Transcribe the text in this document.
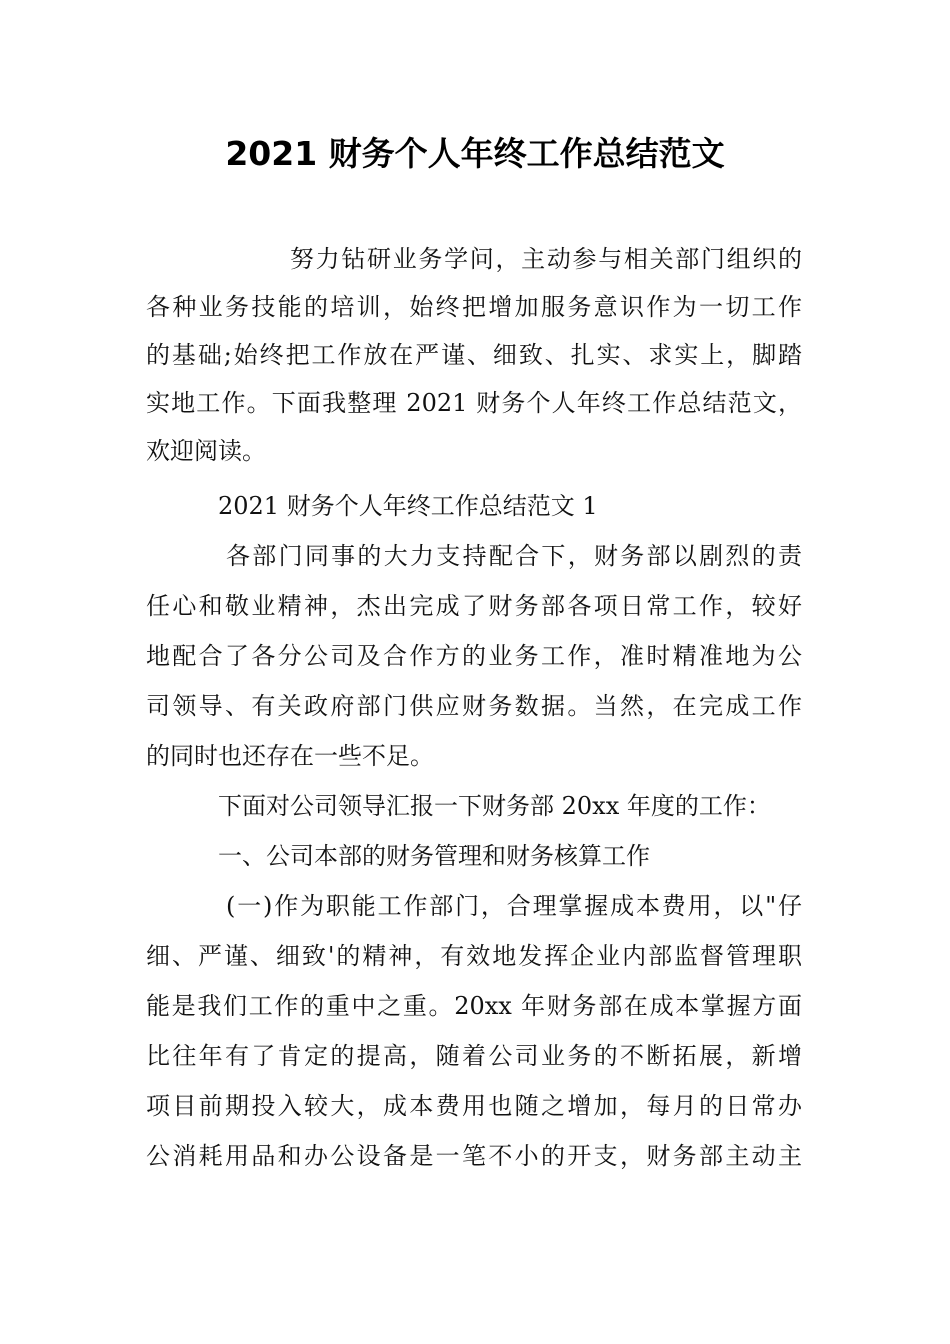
2021 财务个人年终工作总结范文
努力钻研业务学问，主动参与相关部门组织的
各种业务技能的培训，始终把增加服务意识作为一切工作
的基础;始终把工作放在严谨、细致、扎实、求实上，脚踏
实地工作。下面我整理 2021 财务个人年终工作总结范文，
欢迎阅读。
2021 财务个人年终工作总结范文 1
各部门同事的大力支持配合下，财务部以剧烈的责
任心和敬业精神，杰出完成了财务部各项日常工作，较好
地配合了各分公司及合作方的业务工作，准时精准地为公
司领导、有关政府部门供应财务数据。当然，在完成工作
的同时也还存在一些不足。
下面对公司领导汇报一下财务部 20xx 年度的工作：
一、公司本部的财务管理和财务核算工作
(一)作为职能工作部门，合理掌握成本费用，以"仔
细、严谨、细致'的精神，有效地发挥企业内部监督管理职
能是我们工作的重中之重。20xx 年财务部在成本掌握方面
比往年有了肯定的提高，随着公司业务的不断拓展，新增
项目前期投入较大，成本费用也随之增加，每月的日常办
公消耗用品和办公设备是一笔不小的开支，财务部主动主
